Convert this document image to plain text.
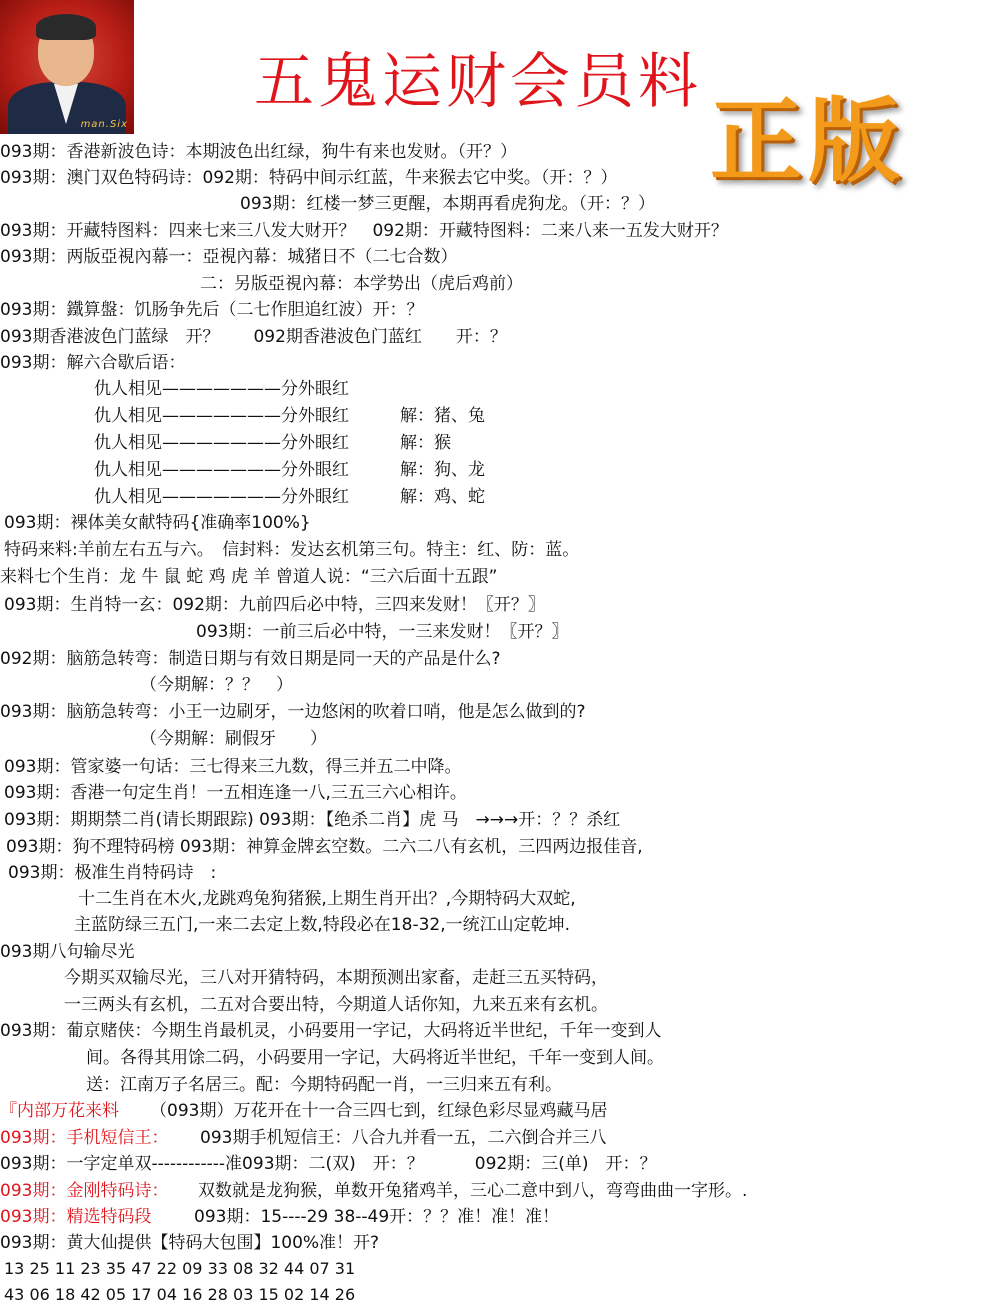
man.Six
五鬼运财会员料
正版
093期：香港新波色诗：本期波色出红绿，狗牛有来也发财。（开？）
093期：澳门双色特码诗：092期：特码中间示红蓝，牛来猴去它中奖。（开：？）
093期：红楼一梦三更醒，本期再看虎狗龙。（开：？）
093期：开藏特图料：四来七来三八发大财开？　092期：开藏特图料：二来八来一五发大财开？
093期：两版亞視內幕一：亞視內幕：城猪日不（二七合数）
二：另版亞視內幕：本学势出（虎后鸡前）
093期：鐵算盤：饥肠争先后（二七作胆追红波）开：？
093期香港波色门蓝绿　开？　　092期香港波色门蓝红　　开：？
093期：解六合歇后语：
仇人相见———————分外眼红
仇人相见———————分外眼红　　　解：猪、兔
仇人相见———————分外眼红　　　解：猴
仇人相见———————分外眼红　　　解：狗、龙
仇人相见———————分外眼红　　　解：鸡、蛇
093期：裸体美女献特码{准确率100%}
特码来料:羊前左右五与六。　信封料：发达玄机第三句。特主：红、防：蓝。
来料七个生肖：龙 牛 鼠 蛇 鸡 虎 羊 曾道人说：“三六后面十五跟”
093期：生肖特一玄：092期：九前四后必中特，三四来发财！〖开？〗
093期：一前三后必中特，一三来发财！〖开？〗
092期：脑筋急转弯：制造日期与有效日期是同一天的产品是什么?
（今期解：？？　）
093期：脑筋急转弯：小王一边刷牙，一边悠闲的吹着口哨，他是怎么做到的?
（今期解：刷假牙　　）
093期：管家婆一句话：三七得来三九数，得三并五二中降。
093期：香港一句定生肖！一五相连逢一八,三五三六心相许。
093期：期期禁二肖(请长期跟踪) 093期：【绝杀二肖】虎 马　→→→开：？？杀红
093期：狗不理特码榜 093期：神算金牌玄空数。二六二八有玄机，三四两边报佳音,
093期：极准生肖特码诗　:
十二生肖在木火,龙跳鸡兔狗猪猴,上期生肖开出？,今期特码大双蛇,
主蓝防绿三五门,一来二去定上数,特段必在18-32,一统江山定乾坤.
093期八句输尽光
今期买双输尽光，三八对开猜特码，本期预测出家畜，走赶三五买特码，
一三两头有玄机，二五对合要出特，今期道人话你知，九来五来有玄机。
093期：葡京赌侠：今期生肖最机灵，小码要用一字记，大码将近半世纪，千年一变到人
间。各得其用馀二码，小码要用一字记，大码将近半世纪，千年一变到人间。
送：江南万子名居三。配：今期特码配一肖，一三归来五有利。
『内部万花来料 （093期）万花开在十一合三四七到，红绿色彩尽显鸡藏马居
093期：手机短信王： 093期手机短信王：八合九并看一五，二六倒合并三八
093期：一字定单双------------准093期：二(双)　开：？　　　092期：三(单)　开：？
093期：金刚特码诗： 双数就是龙狗猴，单数开兔猪鸡羊，三心二意中到八，弯弯曲曲一字形。.
093期：精选特码段	093期：15----29 38--49开：？？准！准！准！
093期：黄大仙提供【特码大包围】100%准！开?
13 25 11 23 35 47 22 09 33 08 32 44 07 31
43 06 18 42 05 17 04 16 28 03 15 02 14 26
